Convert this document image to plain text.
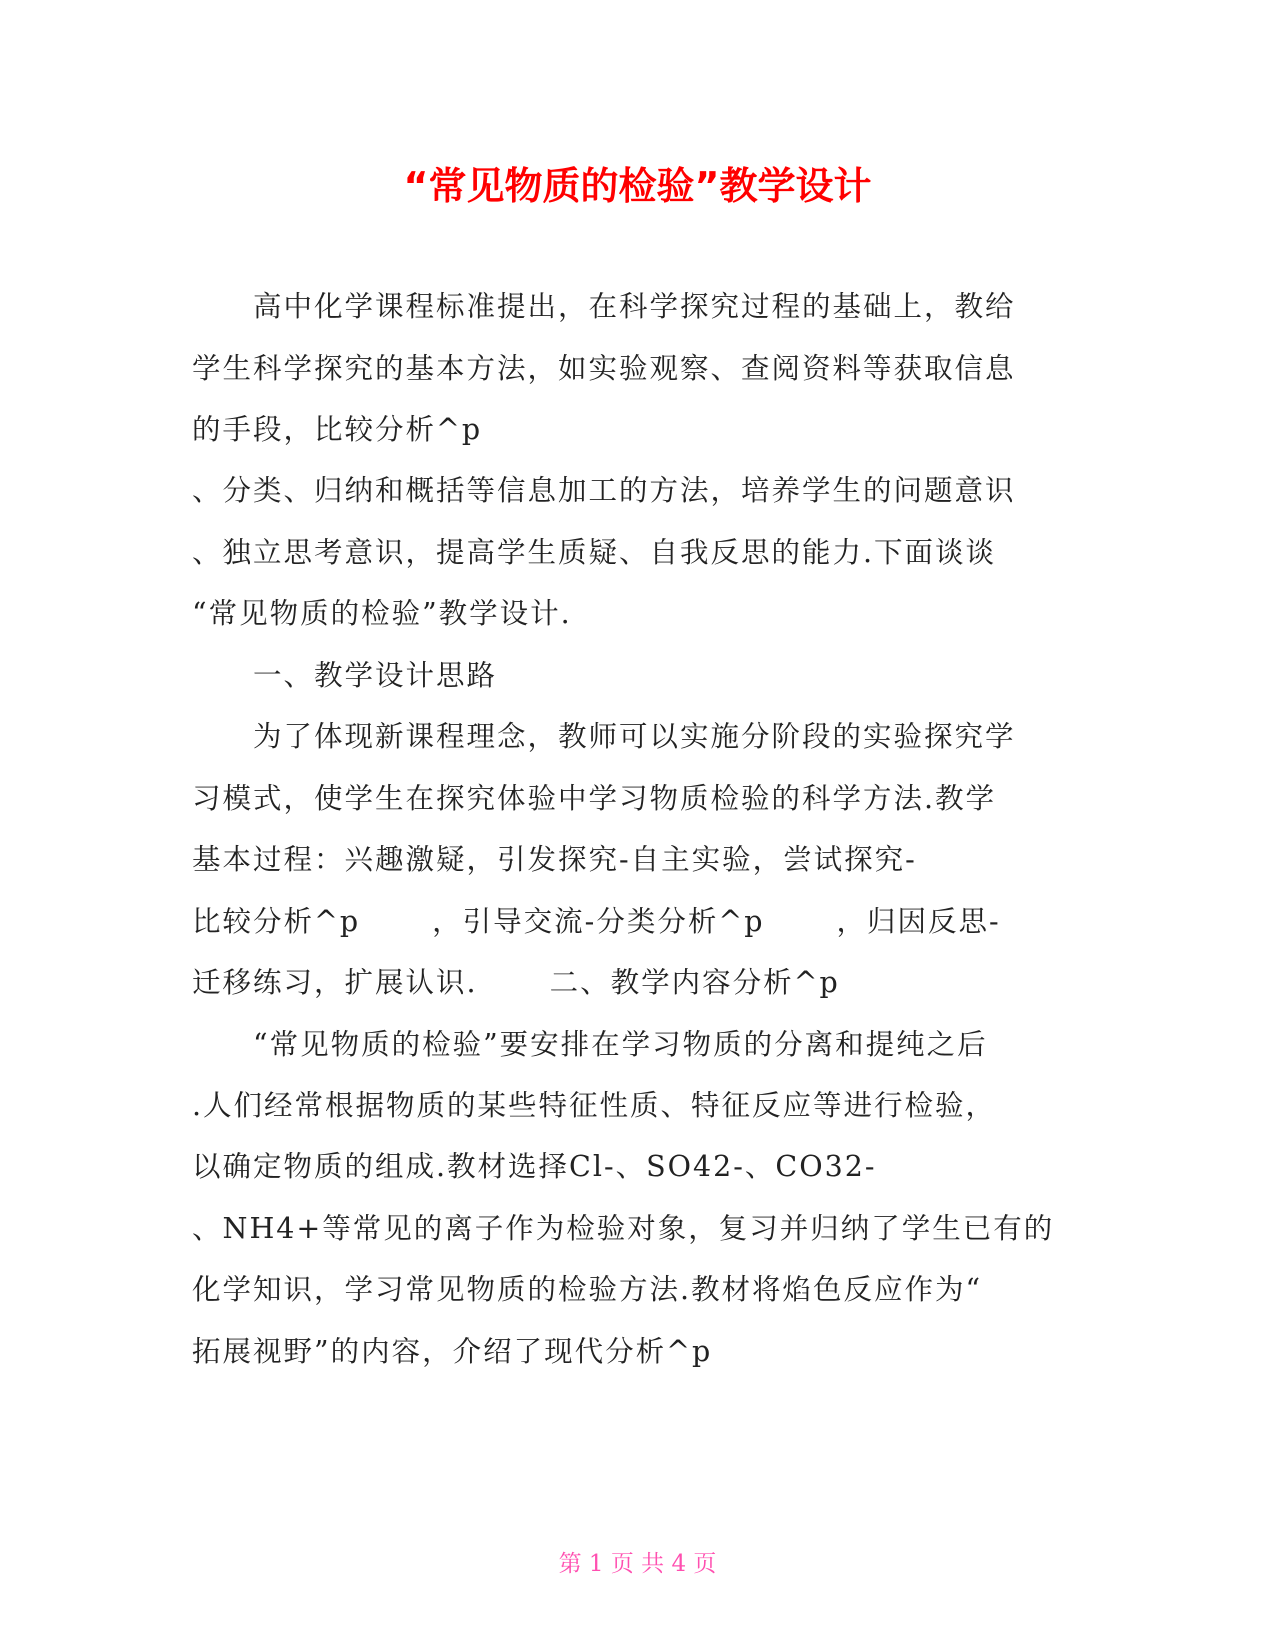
“常见物质的检验”教学设计
　　高中化学课程标准提出，在科学探究过程的基础上，教给
学生科学探究的基本方法，如实验观察、查阅资料等获取信息
的手段，比较分析^p
、分类、归纳和概括等信息加工的方法，培养学生的问题意识
、独立思考意识，提高学生质疑、自我反思的能力.下面谈谈
“常见物质的检验”教学设计.
　　一、教学设计思路
　　为了体现新课程理念，教师可以实施分阶段的实验探究学
习模式，使学生在探究体验中学习物质检验的科学方法.教学
基本过程：兴趣激疑，引发探究-自主实验，尝试探究-
比较分析^p　　 ，引导交流-分类分析^p　　 ，归因反思-
迁移练习，扩展认识.　　 二、教学内容分析^p
　　“常见物质的检验”要安排在学习物质的分离和提纯之后
.人们经常根据物质的某些特征性质、特征反应等进行检验，
以确定物质的组成.教材选择Cl-、SO42-、CO32-
、NH4+等常见的离子作为检验对象，复习并归纳了学生已有的
化学知识，学习常见物质的检验方法.教材将焰色反应作为“
拓展视野”的内容，介绍了现代分析^p
第 1 页 共 4 页
